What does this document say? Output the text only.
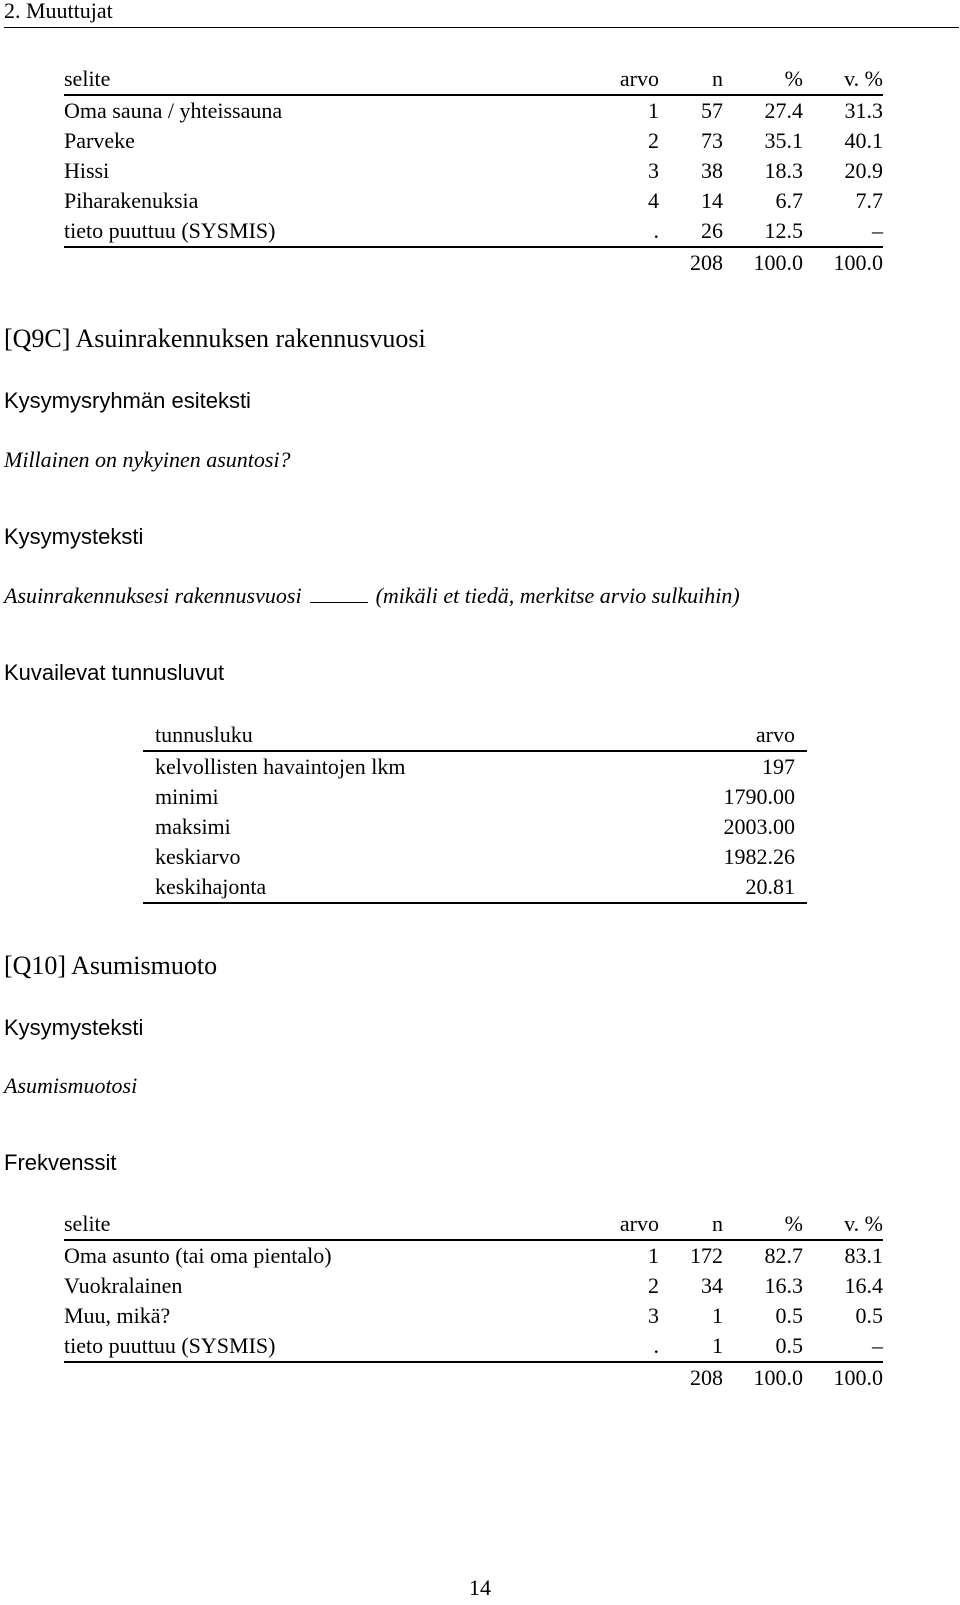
2. Muuttujat
selite	arvo	n	%	v. %
Oma sauna / yhteissauna	1	57	27.4	31.3
Parveke	2	73	35.1	40.1
Hissi	3	38	18.3	20.9
Piharakenuksia	4	14	6.7	7.7
tieto puuttuu (SYSMIS)	.	26	12.5	–
		208	100.0	100.0
[Q9C] Asuinrakennuksen rakennusvuosi
Kysymysryhmän esiteksti
Millainen on nykyinen asuntosi?
Kysymysteksti
Asuinrakennuksesi rakennusvuosi	(mikäli et tiedä, merkitse arvio sulkuihin)
Kuvailevat tunnusluvut
tunnusluku	arvo
kelvollisten havaintojen lkm	197
minimi	1790.00
maksimi	2003.00
keskiarvo	1982.26
keskihajonta	20.81
[Q10] Asumismuoto
Kysymysteksti
Asumismuotosi
Frekvenssit
selite	arvo	n	%	v. %
Oma asunto (tai oma pientalo)	1	172	82.7	83.1
Vuokralainen	2	34	16.3	16.4
Muu, mikä?	3	1	0.5	0.5
tieto puuttuu (SYSMIS)	.	1	0.5	–
		208	100.0	100.0
14
